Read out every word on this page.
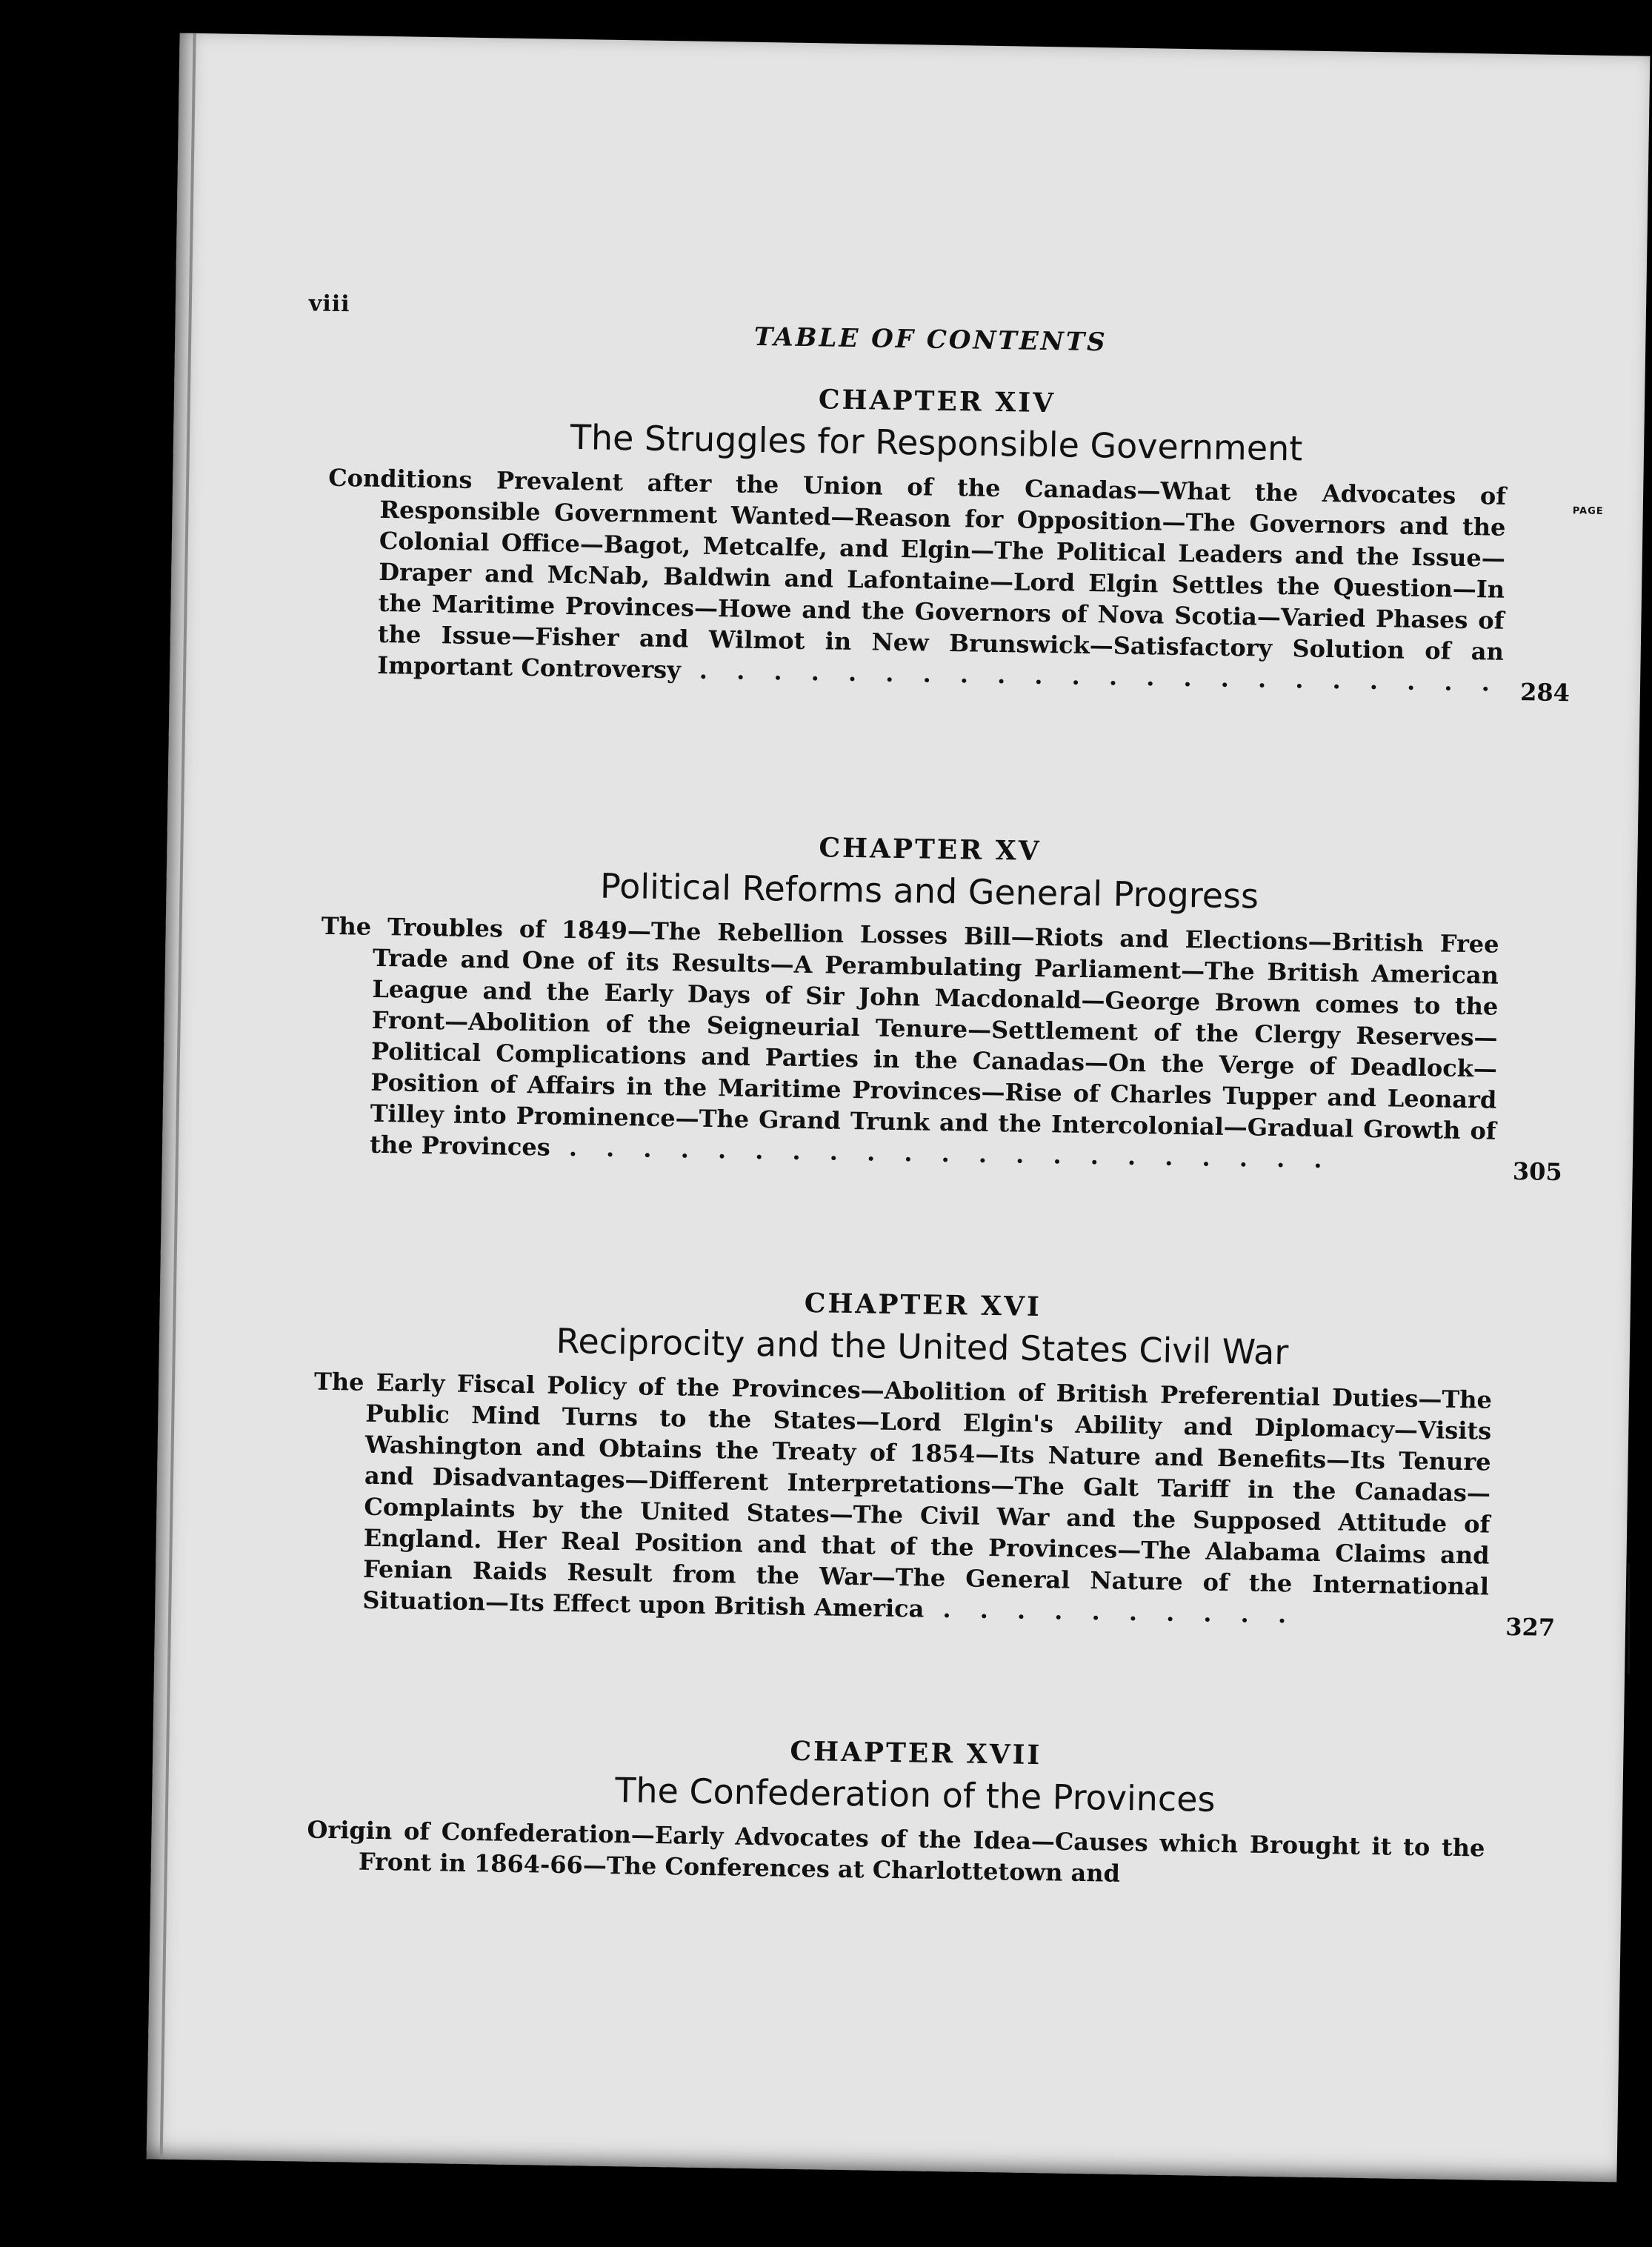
viii
TABLE OF CONTENTS
PAGE
CHAPTER XIV
The Struggles for Responsible Government
Conditions Prevalent after the Union of the Canadas—What the Advocates of Responsible Government Wanted—Reason for Opposition—The Governors and the Colonial Office—Bagot, Metcalfe, and Elgin—The Political Leaders and the Issue—Draper and McNab, Baldwin and Lafontaine—Lord Elgin Settles the Question—In the Maritime Provinces—Howe and the Governors of Nova Scotia—Varied Phases of the Issue—Fisher and Wilmot in New Brunswick—Satisfactory Solution of an Important Controversy . . . . . . . . . . . . . . . . . . . . . . 284
CHAPTER XV
Political Reforms and General Progress
The Troubles of 1849—The Rebellion Losses Bill—Riots and Elections—British Free Trade and One of its Results—A Perambulating Parliament—The British American League and the Early Days of Sir John Macdonald—George Brown comes to the Front—Abolition of the Seigneurial Tenure—Settlement of the Clergy Reserves—Political Complications and Parties in the Canadas—On the Verge of Deadlock—Position of Affairs in the Maritime Provinces—Rise of Charles Tupper and Leonard Tilley into Prominence—The Grand Trunk and the Intercolonial—Gradual Growth of the Provinces . . . . . . . . . . . . . . . . . . . . .	305
CHAPTER XVI
Reciprocity and the United States Civil War
The Early Fiscal Policy of the Provinces—Abolition of British Preferential Duties—The Public Mind Turns to the States—Lord Elgin's Ability and Diplomacy—Visits Washington and Obtains the Treaty of 1854—Its Nature and Benefits—Its Tenure and Disadvantages—Different Interpretations—The Galt Tariff in the Canadas—Complaints by the United States—The Civil War and the Supposed Attitude of England. Her Real Position and that of the Provinces—The Alabama Claims and Fenian Raids Result from the War—The General Nature of the International Situation—Its Effect upon British America . . . . . . . . . .	327
CHAPTER XVII
The Confederation of the Provinces
Origin of Confederation—Early Advocates of the Idea—Causes which Brought it to the Front in 1864-66—The Conferences at Charlottetown and
